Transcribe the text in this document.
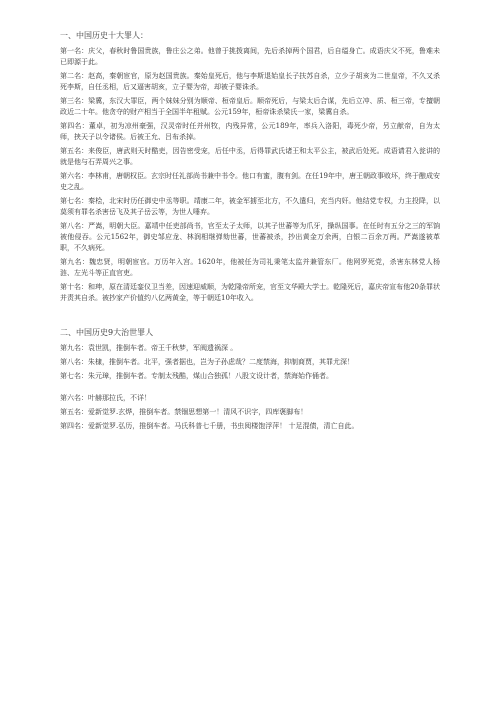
一、中国历史十大罪人：

第一名：庆父，春秋时鲁国贵族，鲁庄公之弟。他曾于挑拨离间，先后杀掉两个国君，后自缢身亡。成语庆父不死，鲁难未已即源于此。

第二名：赵高，秦朝宦官，原为赵国贵族。秦始皇死后，他与李斯退始皇长子扶苏自杀，立少子胡亥为二世皇帝，不久又杀死李斯，自任丞相，后又逼害胡亥，立子婴为帝，却被子婴诛杀。

第三名：梁冀，东汉大罪臣，两个妹妹分别为顺帝、桓帝皇后。顺帝死后，与梁太后合谋，先后立冲、质、桓三帝，专擅朝政近二十年。他贪夺的财产相当于全国半年租赋。公元159年，桓帝诛杀梁氏一家，梁冀自杀。

第四名：董卓，初为凉州豪强，汉灵帝时任并州牧，内残异常，公元189年，率兵入洛阳，毒死少帝，另立献帝，自为太师，挟天子以令诸侯。后被王允、吕布杀掉。

第五名：来俊臣，唐武则天时酷吏，因告密受宠，后任中丞，后得罪武氏诸王和太平公主，被武后处死。成语请君入瓮讲的就是他与石弄周兴之事。

第六名：李林甫，唐朝权臣。玄宗时任礼部尚书兼中书令。他口有蜜，腹有剑。在任19年中，唐王朝政事败坏，终于酿成安史之乱。

第七名：秦桧，北宋时历任御史中丞等职。靖康二年，被金军掳至北方，不久遣归，充当内奸。他结党专权，力主投降，以莫须有罪名杀害岳飞及其子岳云等，为世人唾弃。

第八名：严嵩，明朝大臣。嘉靖中任吏部尚书，官至太子太师，以其子世蕃等为爪牙，操纵国事。在任时有五分之三的军饷被他侵吞。公元1562年，御史邹应龙、林润相继弹劾世蕃，世蕃被杀，抄出黄金万余两，白银二百余万两。严嵩遂被革职，不久病死。

第九名：魏忠贤，明朝宦官。万历年入宫。1620年，他被任为司礼秉笔太监并兼管东厂。他网罗死党，杀害东林党人杨涟、左光斗等正直官吏。

第十名：和珅，原在清廷銮仪卫当差，因速迎威顺，为乾隆帝所宠，官至文华殿大学士。乾隆死后，嘉庆帝宣布他20条罪状并责其自杀。被抄家产价值约八亿两黄金，等于朝廷10年收入。

二、中国历史9大治世罪人

第九名：袁世凯，推倒车者。帝王千秋梦，军阀遗祸深 。

第八名：朱棣，推倒车者。北平，强者据也，岂为子孙虑哉？二度禁海，抑制商贾，其罪尤深！

第七名：朱元璋，推倒车者。专制太残酷，煤山合独孤！八股文设计者，禁海始作俑者。

第六名：叶赫那拉氏，不详！

第五名：爱新觉罗.玄烨，推倒车者。禁锢思想第一！清风不识字，四库褒脚布！

第四名：爱新觉罗.弘历，推倒车者。马氏科普七千册，书虫阅楼饱浮萍！ 十足混债，清亡自此。
